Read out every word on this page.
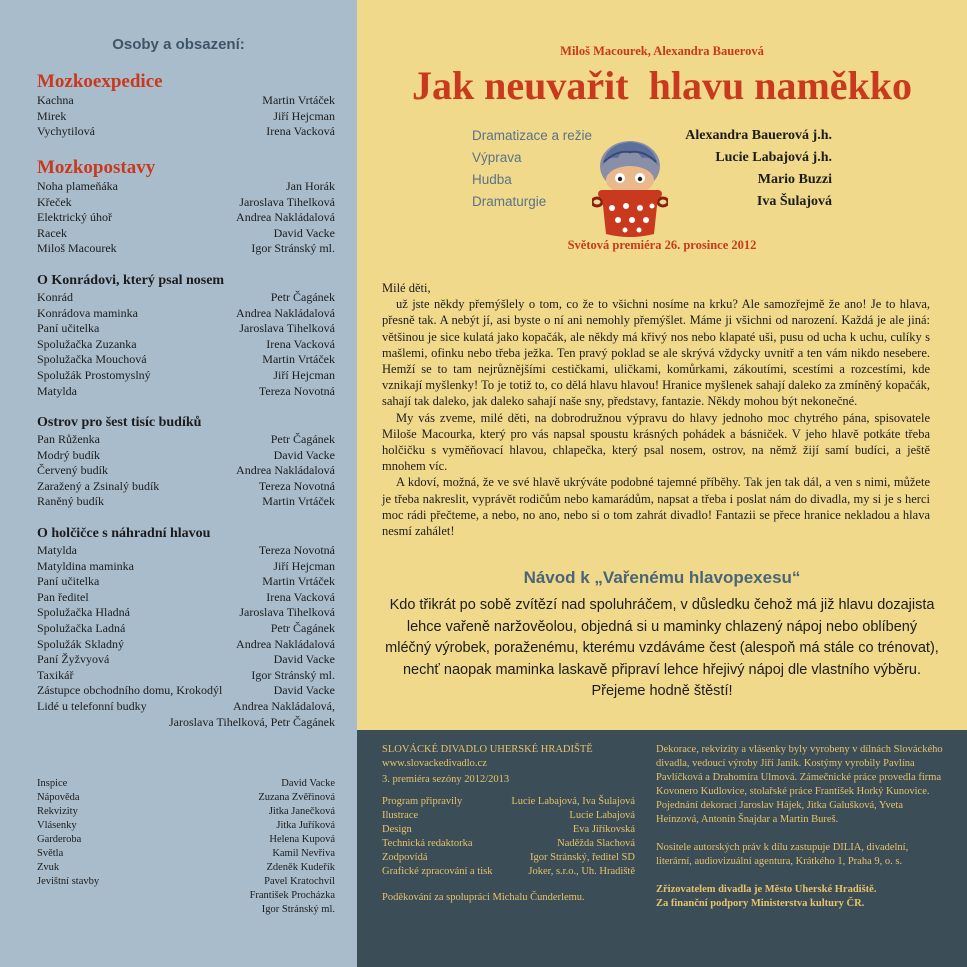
Osoby a obsazení:
Mozkoexpedice
Kachna	Martin Vrtáček
Mirek	Jiří Hejcman
Vychytilová	Irena Vacková
Mozkopostavy
Noha plameňáka	Jan Horák
Křeček	Jaroslava Tihelková
Elektrický úhoř	Andrea Nakládalová
Racek	David Vacke
Miloš Macourek	Igor Stránský ml.
O Konrádovi, který psal nosem
Konrád	Petr Čagánek
Konrádova maminka	Andrea Nakládalová
Paní učitelka	Jaroslava Tihelková
Spolužačka Zuzanka	Irena Vacková
Spolužačka Mouchová	Martin Vrtáček
Spolužák Prostomyslný	Jiří Hejcman
Matylda	Tereza Novotná
Ostrov pro šest tisíc budíků
Pan Růženka	Petr Čagánek
Modrý budík	David Vacke
Červený budík	Andrea Nakládalová
Zaražený a Zsinalý budík	Tereza Novotná
Raněný budík	Martin Vrtáček
O holčičce s náhradní hlavou
Matylda	Tereza Novotná
Matyldina maminka	Jiří Hejcman
Paní učitelka	Martin Vrtáček
Pan ředitel	Irena Vacková
Spolužačka Hladná	Jaroslava Tihelková
Spolužačka Ladná	Petr Čagánek
Spolužák Skladný	Andrea Nakládalová
Paní Žyžvyová	David Vacke
Taxikář	Igor Stránský ml.
Zástupce obchodního domu, Krokodýl	David Vacke
Lidé u telefonní budky	Andrea Nakládalová,
Jaroslava Tihelková, Petr Čagánek
Inspice	David Vacke
Nápověda	Zuzana Zvěřinová
Rekvizity	Jitka Janečková
Vlásenky	Jitka Juříková
Garderoba	Helena Kupová
Světla	Kamil Nevřiva
Zvuk	Zdeněk Kudeřík
Jevištní stavby	Pavel Kratochvíl
František Procházka
Igor Stránský ml.
Miloš Macourek, Alexandra Bauerová
Jak neuvařit  hlavu naměkko
Dramatizace a režie	Alexandra Bauerová j.h.
Výprava	Lucie Labajová j.h.
Hudba	Mario Buzzi
Dramaturgie	Iva Šulajová
Světová premiéra 26. prosince 2012

Milé děti,

už jste někdy přemýšlely o tom, co že to všichni nosíme na krku? Ale samozřejmě že ano! Je to hlava, přesně tak. A nebýt jí, asi byste o ní ani nemohly přemýšlet. Máme ji všichni od narození. Každá je ale jiná: většinou je sice kulatá jako kopačák, ale někdy má křivý nos nebo klapaté uši, pusu od ucha k uchu, culíky s mašlemi, ofinku nebo třeba ježka. Ten pravý poklad se ale skrývá vždycky uvnitř a ten vám nikdo nesebere. Hemží se to tam nejrůznějšími cestičkami, uličkami, komůrkami, zákoutími, scestími a rozcestími, kde vznikají myšlenky! To je totiž to, co dělá hlavu hlavou! Hranice myšlenek sahají daleko za zmíněný kopačák, sahají tak daleko, jak daleko sahají naše sny, představy, fantazie. Někdy mohou být nekonečné.

My vás zveme, milé děti, na dobrodružnou výpravu do hlavy jednoho moc chytrého pána, spisovatele Miloše Macourka, který pro vás napsal spoustu krásných pohádek a básniček. V jeho hlavě potkáte třeba holčičku s vyměňovací hlavou, chlapečka, který psal nosem, ostrov, na němž žijí samí budíci, a ještě mnohem víc.

A kdoví, možná, že ve své hlavě ukrýváte podobné tajemné příběhy. Tak jen tak dál, a ven s nimi, můžete je třeba nakreslit, vyprávět rodičům nebo kamarádům, napsat a třeba i poslat nám do divadla, my si je s herci moc rádi přečteme, a nebo, no ano, nebo si o tom zahrát divadlo! Fantazii se přece hranice nekladou a hlava nesmí zahálet!

Návod k „Vařenému hlavopexesu“
Kdo třikrát po sobě zvítězí nad spoluhráčem, v důsledku čehož má již hlavu dozajista lehce vařeně naržověolou, objedná si u maminky chlazený nápoj nebo oblíbený mléčný výrobek, poraženému, kterému vzdáváme čest (alespoň má stále co trénovat), nechť naopak maminka laskavě připraví lehce hřejivý nápoj dle vlastního výběru. Přejeme hodně štěstí!
SLOVÁCKÉ DIVADLO UHERSKÉ HRADIŠTĚ
www.slovackedivadlo.cz
3. premiéra sezóny 2012/2013
Program připravily	Lucie Labajová, Iva Šulajová
Ilustrace	Lucie Labajová
Design	Eva Jiříkovská
Technická redaktorka	Naděžda Slachová
Zodpovídá	Igor Stránský, ředitel SD
Grafické zpracování a tisk	Joker, s.r.o., Uh. Hradiště
Poděkování za spolupráci Michalu Čunderlemu.

Dekorace, rekvizity a vlásenky byly vyrobeny v dílnách Slováckého divadla, vedoucí výroby Jiří Janík. Kostýmy vyrobily Pavlína Pavlíčková a Drahomíra Ulmová. Zámečnické práce provedla firma Kovonero Kudlovice, stolařské práce František Horký Kunovice. Pojednání dekorací Jaroslav Hájek, Jitka Galušková, Yveta Heinzová, Antonín Šnajdar a Martin Bureš.

Nositele autorských práv k dílu zastupuje DILIA, divadelní, literární, audiovizuální agentura, Krátkého 1, Praha 9, o. s.

Zřizovatelem divadla je Město Uherské Hradiště.

Za finanční podpory Ministerstva kultury ČR.
